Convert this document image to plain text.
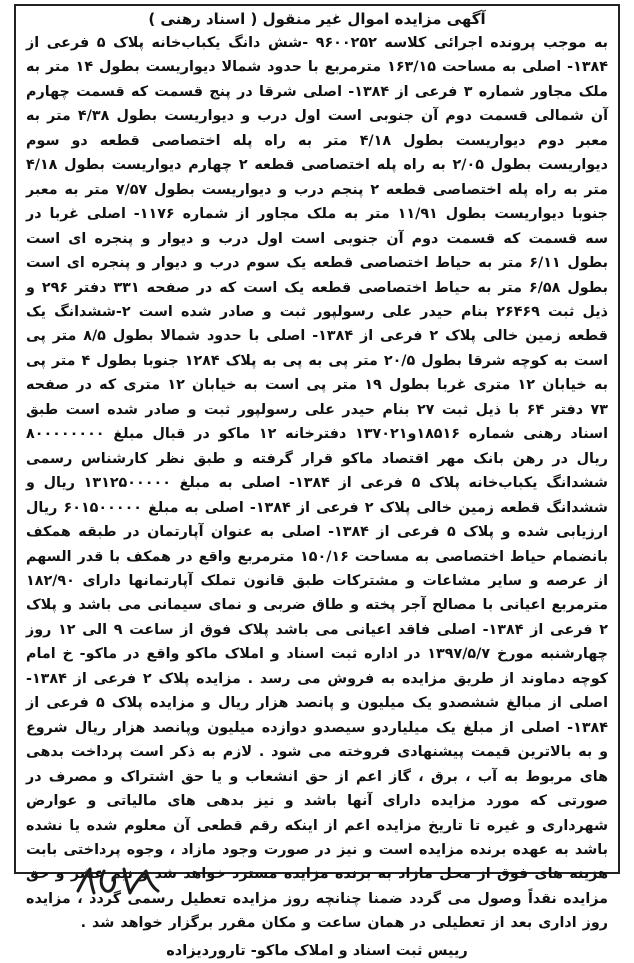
آگهی مزایده اموال غیر منقول ( اسناد رهنی )

به موجب پرونده اجرائی کلاسه ۹۶۰۰۲۵۲ -شش دانگ یکباب‌خانه پلاک ۵ فرعی از ۱۳۸۴- اصلی به مساحت ۱۶۳/۱۵ مترمربع با حدود شمالا دیواریست بطول ۱۴ متر به ملک مجاور شماره ۳ فرعی از ۱۳۸۴- اصلی شرقا در پنج قسمت که قسمت چهارم آن شمالی قسمت دوم آن جنوبی است اول درب و دیواریست بطول ۴/۳۸ متر به معبر دوم دیواریست بطول ۴/۱۸ متر به راه پله اختصاصی قطعه دو سوم دیواریست بطول ۲/۰۵ به راه پله اختصاصی قطعه ۲ چهارم دیواریست بطول ۴/۱۸ متر به راه پله اختصاصی قطعه ۲ پنجم درب و دیواریست بطول ۷/۵۷ متر به معبر جنوبا دیواریست بطول ۱۱/۹۱ متر به ملک مجاور از شماره ۱۱۷۶- اصلی غربا در سه قسمت که قسمت دوم آن جنوبی است اول درب و دیوار و پنجره ای است بطول ۶/۱۱ متر به حیاط اختصاصی قطعه یک سوم درب و دیوار و پنجره ای است بطول ۶/۵۸ متر به حیاط اختصاصی قطعه یک است که در صفحه ۳۳۱ دفتر ۲۹۶ و ذیل ثبت ۲۶۴۶۹ بنام حیدر علی رسولپور ثبت و صادر شده است ۲-ششدانگ یک قطعه زمین خالی پلاک ۲ فرعی از ۱۳۸۴- اصلی با حدود شمالا بطول ۸/۵ متر پی است به کوچه شرقا بطول ۲۰/۵ متر پی به پی به پلاک ۱۲۸۴ جنوبا بطول ۴ متر پی به خیابان ۱۲ متری غربا بطول ۱۹ متر پی است به خیابان ۱۲ متری که در صفحه ۷۳ دفتر ۶۴ با ذیل ثبت ۲۷ بنام حیدر علی رسولپور ثبت و صادر شده است طبق اسناد رهنی شماره ۱۸۵۱۶و۱۳۷۰۲۱ دفترخانه ۱۲ ماکو در قبال مبلغ ۸۰۰۰۰۰۰۰۰ ریال در رهن بانک مهر اقتصاد ماکو قرار گرفته و طبق نظر کارشناس رسمی ششدانگ یکباب‌خانه پلاک ۵ فرعی از ۱۳۸۴- اصلی به مبلغ ۱۳۱۲۵۰۰۰۰۰ ریال و ششدانگ قطعه زمین خالی پلاک ۲ فرعی از ۱۳۸۴- اصلی به مبلغ ۶۰۱۵۰۰۰۰۰ ریال ارزیابی شده و پلاک ۵ فرعی از ۱۳۸۴- اصلی به عنوان آپارتمان در طبقه همکف بانضمام حیاط اختصاصی به مساحت ۱۵۰/۱۶ مترمربع واقع در همکف با قدر السهم از عرصه و سایر مشاعات و مشترکات طبق قانون تملک آپارتمانها دارای ۱۸۲/۹۰ مترمربع اعیانی با مصالح آجر پخته و طاق ضربی و نمای سیمانی می باشد و پلاک ۲ فرعی از ۱۳۸۴- اصلی فاقد اعیانی می باشد پلاک فوق از ساعت ۹ الی ۱۲ روز چهارشنبه مورخ ۱۳۹۷/۵/۷ در اداره ثبت اسناد و املاک ماکو واقع در ماکو- خ امام کوچه دماوند از طریق مزایده به فروش می رسد . مزایده پلاک ۲ فرعی از ۱۳۸۴- اصلی از مبالغ ششصدو یک میلیون و پانصد هزار ریال و مزایده پلاک ۵ فرعی از ۱۳۸۴- اصلی از مبلغ یک میلیاردو سیصدو دوازده میلیون وپانصد هزار ریال شروع و به بالاترین قیمت پیشنهادی فروخته می شود . لازم به ذکر است پرداخت بدهی های مربوط به آب ، برق ، گاز اعم از حق انشعاب و یا حق اشتراک و مصرف در صورتی که مورد مزایده دارای آنها باشد و نیز بدهی های مالیاتی و عوارض شهرداری و غیره تا تاریخ مزایده اعم از اینکه رقم قطعی آن معلوم شده یا نشده باشد به عهده برنده مزایده است و نیز در صورت وجود مازاد ، وجوه پرداختی بابت هزینه های فوق از محل مازاد به برنده مزایده مسترد خواهد شد و نیم عشر و حق مزایده نقداً وصول می گردد ضمنا چنانچه روز مزایده تعطیل رسمی گردد ، مزایده روز اداری بعد از تعطیلی در همان ساعت و مکان مقرر برگزار خواهد شد .

رییس ثبت اسناد و املاک ماکو- تاروردیزاده
